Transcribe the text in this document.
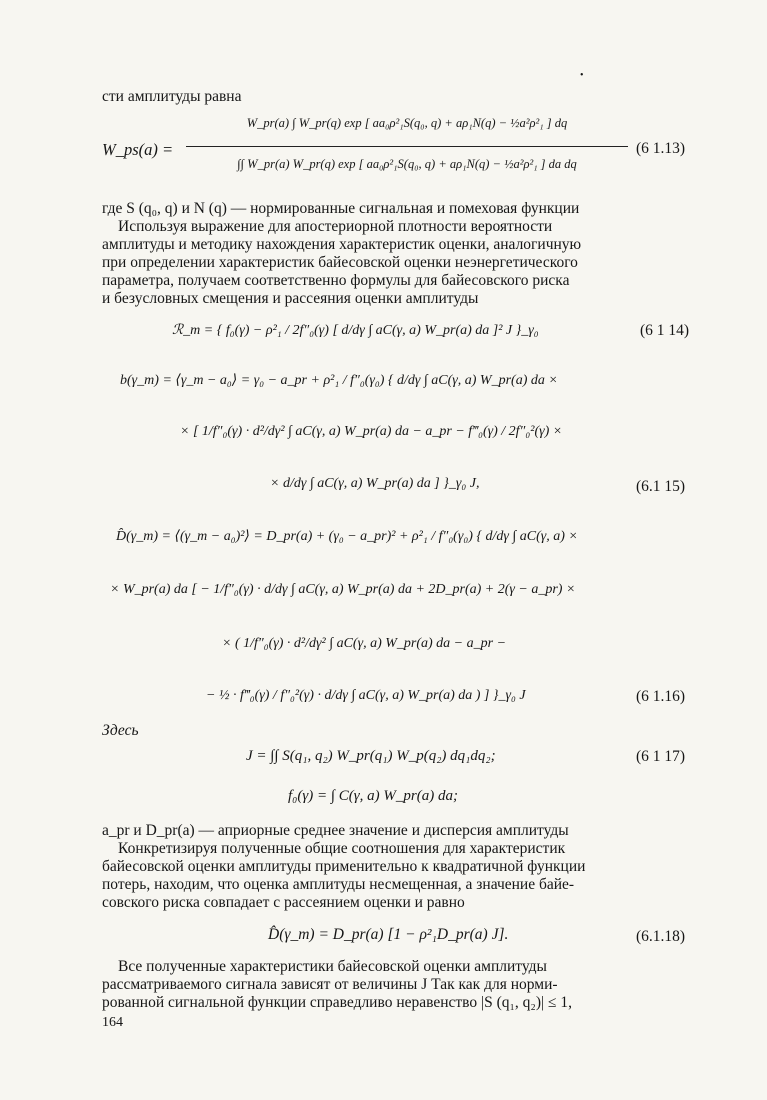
•
сти амплитуды равна
W_ps(a) =
W_pr(a) ∫ W_pr(q) exp [ aa₀ρ²₁S(q₀, q) + aρ₁N(q) − ½a²ρ²₁ ] dq
∫∫ W_pr(a) W_pr(q) exp [ aa₀ρ²₁S(q₀, q) + aρ₁N(q) − ½a²ρ²₁ ] da dq
(6 1.13)
где S (q₀, q) и N (q) — нормированные сигнальная и помеховая функции
Используя выражение для апостериорной плотности вероятности
амплитуды и методику нахождения характеристик оценки, аналогичную
при определении характеристик байесовской оценки неэнергетического
параметра, получаем соответственно формулы для байесовского риска
и безусловных смещения и рассеяния оценки амплитуды
ℛ_m = { f₀(γ) − ρ²₁ / 2f″₀(γ) [ d/dγ ∫ aC(γ, a) W_pr(a) da ]² J }_γ₀	(6 1 14)
b(γ_m) = ⟨γ_m − a₀⟩ = γ₀ − a_pr + ρ²₁ / f″₀(γ₀) { d/dγ ∫ aC(γ, a) W_pr(a) da ×
× [ 1/f″₀(γ) · d²/dγ² ∫ aC(γ, a) W_pr(a) da − a_pr − f‴₀(γ) / 2f″₀²(γ) ×
× d/dγ ∫ aC(γ, a) W_pr(a) da ] }_γ₀ J,	(6.1 15)
D̂(γ_m) = ⟨(γ_m − a₀)²⟩ = D_pr(a) + (γ₀ − a_pr)² + ρ²₁ / f″₀(γ₀) { d/dγ ∫ aC(γ, a) ×
× W_pr(a) da [ − 1/f″₀(γ) · d/dγ ∫ aC(γ, a) W_pr(a) da + 2D_pr(a) + 2(γ − a_pr) ×
× ( 1/f″₀(γ) · d²/dγ² ∫ aC(γ, a) W_pr(a) da − a_pr −
− ½ · f‴₀(γ) / f″₀²(γ) · d/dγ ∫ aC(γ, a) W_pr(a) da ) ] }_γ₀ J	(6 1.16)
Здесь
J = ∫∫ S(q₁, q₂) W_pr(q₁) W_p(q₂) dq₁dq₂;	(6 1 17)
f₀(γ) = ∫ C(γ, a) W_pr(a) da;
a_pr и D_pr(a) — априорные среднее значение и дисперсия амплитуды
Конкретизируя полученные общие соотношения для характеристик
байесовской оценки амплитуды применительно к квадратичной функции
потерь, находим, что оценка амплитуды несмещенная, а значение байе-
совского риска совпадает с рассеянием оценки и равно
D̂(γ_m) = D_pr(a) [1 − ρ²₁D_pr(a) J].	(6.1.18)
Все полученные характеристики байесовской оценки амплитуды
рассматриваемого сигнала зависят от величины J Так как для норми-
рованной сигнальной функции справедливо неравенство |S (q₁, q₂)| ≤ 1,
164
